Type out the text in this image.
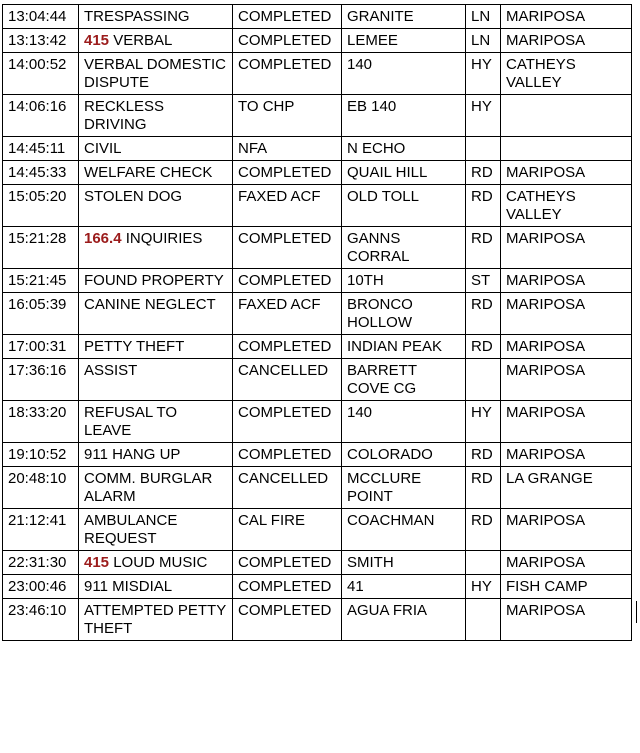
13:04:44	TRESPASSING	COMPLETED	GRANITE	LN	MARIPOSA
13:13:42	415 VERBAL	COMPLETED	LEMEE	LN	MARIPOSA
14:00:52	VERBAL DOMESTIC DISPUTE	COMPLETED	140	HY	CATHEYS VALLEY
14:06:16	RECKLESS DRIVING	TO CHP	EB 140	HY	
14:45:11	CIVIL	NFA	N ECHO		
14:45:33	WELFARE CHECK	COMPLETED	QUAIL HILL	RD	MARIPOSA
15:05:20	STOLEN DOG	FAXED ACF	OLD TOLL	RD	CATHEYS VALLEY
15:21:28	166.4 INQUIRIES	COMPLETED	GANNS CORRAL	RD	MARIPOSA
15:21:45	FOUND PROPERTY	COMPLETED	10TH	ST	MARIPOSA
16:05:39	CANINE NEGLECT	FAXED ACF	BRONCO HOLLOW	RD	MARIPOSA
17:00:31	PETTY THEFT	COMPLETED	INDIAN PEAK	RD	MARIPOSA
17:36:16	ASSIST	CANCELLED	BARRETT COVE CG		MARIPOSA
18:33:20	REFUSAL TO LEAVE	COMPLETED	140	HY	MARIPOSA
19:10:52	911 HANG UP	COMPLETED	COLORADO	RD	MARIPOSA
20:48:10	COMM. BURGLAR ALARM	CANCELLED	MCCLURE POINT	RD	LA GRANGE
21:12:41	AMBULANCE REQUEST	CAL FIRE	COACHMAN	RD	MARIPOSA
22:31:30	415 LOUD MUSIC	COMPLETED	SMITH		MARIPOSA
23:00:46	911 MISDIAL	COMPLETED	41	HY	FISH CAMP
23:46:10	ATTEMPTED PETTY THEFT	COMPLETED	AGUA FRIA		MARIPOSA
